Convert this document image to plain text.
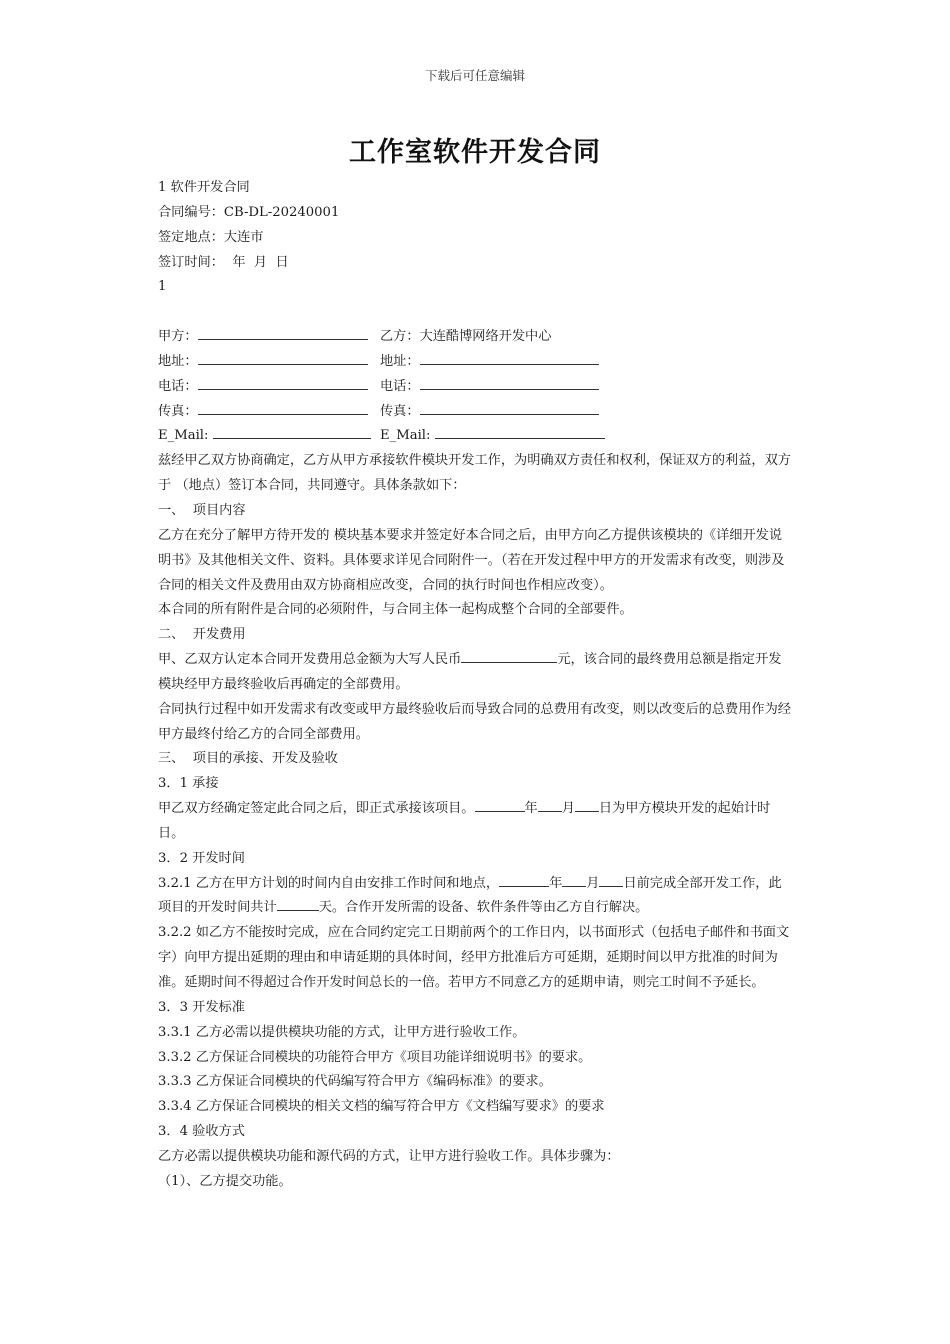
下载后可任意编辑
工作室软件开发合同

1 软件开发合同

合同编号：CB-DL-20240001

签定地点：大连市

签订时间：  年  月  日

1

甲方：	乙方：大连酷博网络开发中心
地址：	地址：
电话：	电话：
传真：	传真：
E_Mail:	E_Mail:

兹经甲乙双方协商确定，乙方从甲方承接软件模块开发工作，为明确双方责任和权利，保证双方的利益，双方于 （地点）签订本合同，共同遵守。具体条款如下：

一、  项目内容

乙方在充分了解甲方待开发的 模块基本要求并签定好本合同之后，由甲方向乙方提供该模块的《详细开发说明书》及其他相关文件、资料。具体要求详见合同附件一。（若在开发过程中甲方的开发需求有改变，则涉及合同的相关文件及费用由双方协商相应改变，合同的执行时间也作相应改变）。

本合同的所有附件是合同的必须附件，与合同主体一起构成整个合同的全部要件。

二、  开发费用

甲、乙双方认定本合同开发费用总金额为大写人民币	元，该合同的最终费用总额是指定开发模块经甲方最终验收后再确定的全部费用。

合同执行过程中如开发需求有改变或甲方最终验收后而导致合同的总费用有改变，则以改变后的总费用作为经甲方最终付给乙方的合同全部费用。

三、  项目的承接、开发及验收

3．1 承接

甲乙双方经确定签定此合同之后，即正式承接该项目。	年 月 日为甲方模块开发的起始计时日。

3．2 开发时间

3.2.1 乙方在甲方计划的时间内自由安排工作时间和地点，	年 月 日前完成全部开发工作，此项目的开发时间共计	天。合作开发所需的设备、软件条件等由乙方自行解决。

3.2.2 如乙方不能按时完成，应在合同约定完工日期前两个的工作日内，以书面形式（包括电子邮件和书面文字）向甲方提出延期的理由和申请延期的具体时间，经甲方批准后方可延期，延期时间以甲方批准的时间为准。延期时间不得超过合作开发时间总长的一倍。若甲方不同意乙方的延期申请，则完工时间不予延长。

3．3 开发标准

3.3.1 乙方必需以提供模块功能的方式，让甲方进行验收工作。

3.3.2 乙方保证合同模块的功能符合甲方《项目功能详细说明书》的要求。

3.3.3 乙方保证合同模块的代码编写符合甲方《编码标准》的要求。

3.3.4 乙方保证合同模块的相关文档的编写符合甲方《文档编写要求》的要求

3．4 验收方式

乙方必需以提供模块功能和源代码的方式，让甲方进行验收工作。具体步骤为：

（1）、乙方提交功能。
